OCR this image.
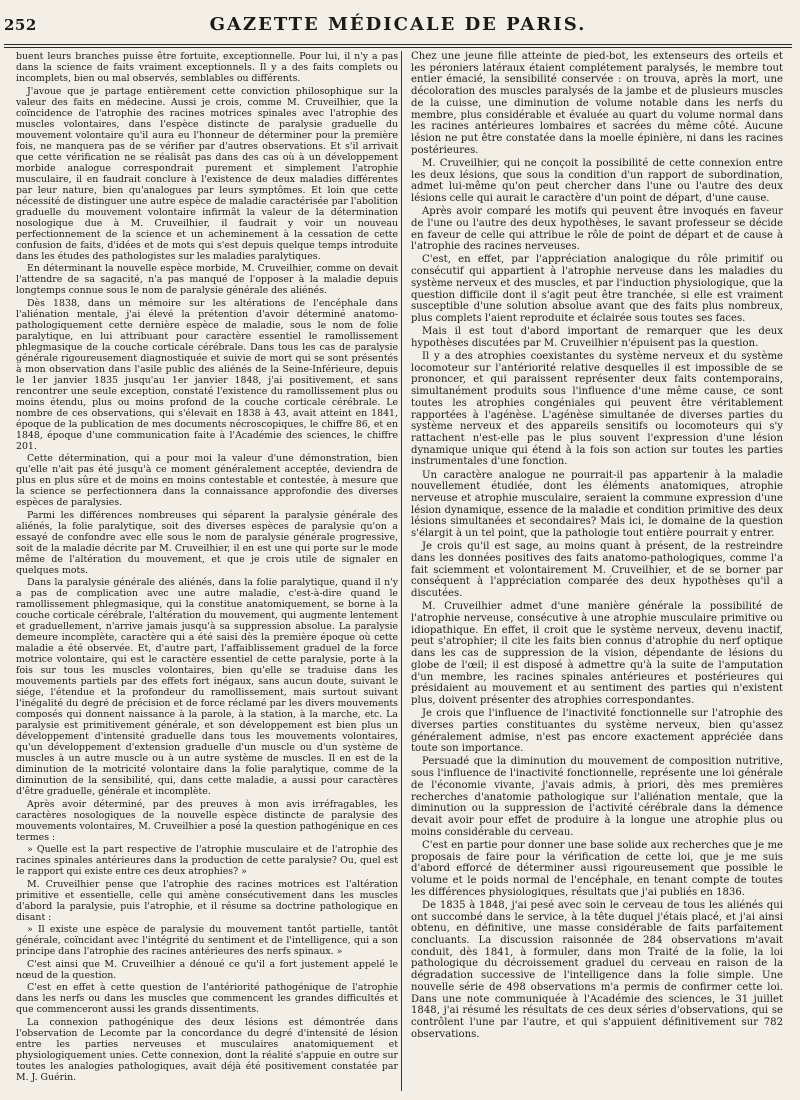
252	GAZETTE MÉDICALE DE PARIS.

buent leurs branches puisse être fortuite, exceptionnelle. Pour lui, il n'y a pas dans la science de faits vraiment exceptionnels. Il y a des faits complets ou incomplets, bien ou mal observés, semblables ou différents.

J'avoue que je partage entièrement cette conviction philosophique sur la valeur des faits en médecine. Aussi je crois, comme M. Cruveilhier, que la coïncidence de l'atrophie des racines motrices spinales avec l'atrophie des muscles volontaires, dans l'espèce distincte de paralysie graduelle du mouvement volontaire qu'il aura eu l'honneur de déterminer pour la première fois, ne manquera pas de se vérifier par d'autres observations. Et s'il arrivait que cette vérification ne se réalisât pas dans des cas où à un développement morbide analogue correspondrait purement et simplement l'atrophie musculaire, il en faudrait conclure à l'existence de deux maladies différentes par leur nature, bien qu'analogues par leurs symptômes. Et loin que cette nécessité de distinguer une autre espèce de maladie caractérisée par l'abolition graduelle du mouvement volontaire infirmât la valeur de la détermination nosologique due à M. Cruveilhier, il faudrait y voir un nouveau perfectionnement de la science et un acheminement à la cessation de cette confusion de faits, d'idées et de mots qui s'est depuis quelque temps introduite dans les études des pathologistes sur les maladies paralytiques.

En déterminant la nouvelle espèce morbide, M. Cruveilhier, comme on devait l'attendre de sa sagacité, n'a pas manqué de l'opposer à la maladie depuis longtemps connue sous le nom de paralysie générale des aliénés.

Dès 1838, dans un mémoire sur les altérations de l'encéphale dans l'aliénation mentale, j'ai élevé la prétention d'avoir déterminé anatomo-pathologiquement cette dernière espèce de maladie, sous le nom de folie paralytique, en lui attribuant pour caractère essentiel le ramollissement phlegmasique de la couche corticale cérébrale. Dans tous les cas de paralysie générale rigoureusement diagnostiquée et suivie de mort qui se sont présentés à mon observation dans l'asile public des aliénés de la Seine-Inférieure, depuis le 1er janvier 1835 jusqu'au 1er janvier 1848, j'ai positivement, et sans rencontrer une seule exception, constaté l'existence du ramollissement plus ou moins étendu, plus ou moins profond de la couche corticale cérébrale. Le nombre de ces observations, qui s'élevait en 1838 à 43, avait atteint en 1841, époque de la publication de mes documents nécroscopiques, le chiffre 86, et en 1848, époque d'une communication faite à l'Académie des sciences, le chiffre 201.

Cette détermination, qui a pour moi la valeur d'une démonstration, bien qu'elle n'ait pas été jusqu'à ce moment généralement acceptée, deviendra de plus en plus sûre et de moins en moins contestable et contestée, à mesure que la science se perfectionnera dans la connaissance approfondie des diverses espèces de paralysies.

Parmi les différences nombreuses qui séparent la paralysie générale des aliénés, la folie paralytique, soit des diverses espèces de paralysie qu'on a essayé de confondre avec elle sous le nom de paralysie générale progressive, soit de la maladie décrite par M. Cruveilhier, il en est une qui porte sur le mode même de l'altération du mouvement, et que je crois utile de signaler en quelques mots.

Dans la paralysie générale des aliénés, dans la folie paralytique, quand il n'y a pas de complication avec une autre maladie, c'est-à-dire quand le ramollissement phlegmasique, qui la constitue anatomiquement, se borne à la couche corticale cérébrale, l'altération du mouvement, qui augmente lentement et graduellement, n'arrive jamais jusqu'à sa suppression absolue. La paralysie demeure incomplète, caractère qui a été saisi dès la première époque où cette maladie a été observée. Et, d'autre part, l'affaiblissement graduel de la force motrice volontaire, qui est le caractère essentiel de cette paralysie, porte à la fois sur tous les muscles volontaires, bien qu'elle se traduise dans les mouvements partiels par des effets fort inégaux, sans aucun doute, suivant le siége, l'étendue et la profondeur du ramollissement, mais surtout suivant l'inégalité du degré de précision et de force réclamé par les divers mouvements composés qui donnent naissance à la parole, à la station, à la marche, etc. La paralysie est primitivement générale, et son développement est bien plus un développement d'intensité graduelle dans tous les mouvements volontaires, qu'un développement d'extension graduelle d'un muscle ou d'un système de muscles à un autre muscle ou à un autre système de muscles. Il en est de la diminution de la motricité volontaire dans la folie paralytique, comme de la diminution de la sensibilité, qui, dans cette maladie, a aussi pour caractères d'être graduelle, générale et incomplète.

Après avoir déterminé, par des preuves à mon avis irréfragables, les caractères nosologiques de la nouvelle espèce distincte de paralysie des mouvements volontaires, M. Cruveilhier a posé la question pathogénique en ces termes :

» Quelle est la part respective de l'atrophie musculaire et de l'atrophie des racines spinales antérieures dans la production de cette paralysie? Ou, quel est le rapport qui existe entre ces deux atrophies? »

M. Cruveilhier pense que l'atrophie des racines motrices est l'altération primitive et essentielle, celle qui amène consécutivement dans les muscles d'abord la paralysie, puis l'atrophie, et il résume sa doctrine pathologique en disant :

» Il existe une espèce de paralysie du mouvement tantôt partielle, tantôt générale, coïncidant avec l'intégrité du sentiment et de l'intelligence, qui a son principe dans l'atrophie des racines antérieures des nerfs spinaux. »

C'est ainsi que M. Cruveilhier a dénoué ce qu'il a fort justement appelé le nœud de la question.

C'est en effet à cette question de l'antériorité pathogénique de l'atrophie dans les nerfs ou dans les muscles que commencent les grandes difficultés et que commenceront aussi les grands dissentiments.

La connexion pathogénique des deux lésions est démontrée dans l'observation de Lecomte par la concordance du degré d'intensité de lésion entre les parties nerveuses et musculaires anatomiquement et physiologiquement unies. Cette connexion, dont la réalité s'appuie en outre sur toutes les analogies pathologiques, avait déjà été positivement constatée par M. J. Guérin.

Chez une jeune fille atteinte de pied-bot, les extenseurs des orteils et les péroniers latéraux étaient complétement paralysés, le membre tout entier émacié, la sensibilité conservée : on trouva, après la mort, une décoloration des muscles paralysés de la jambe et de plusieurs muscles de la cuisse, une diminution de volume notable dans les nerfs du membre, plus considérable et évaluée au quart du volume normal dans les racines antérieures lombaires et sacrées du même côté. Aucune lésion ne put être constatée dans la moelle épinière, ni dans les racines postérieures.

M. Cruveilhier, qui ne conçoit la possibilité de cette connexion entre les deux lésions, que sous la condition d'un rapport de subordination, admet lui-même qu'on peut chercher dans l'une ou l'autre des deux lésions celle qui aurait le caractère d'un point de départ, d'une cause.

Après avoir comparé les motifs qui peuvent être invoqués en faveur de l'une ou l'autre des deux hypothèses, le savant professeur se décide en faveur de celle qui attribue le rôle de point de départ et de cause à l'atrophie des racines nerveuses.

C'est, en effet, par l'appréciation analogique du rôle primitif ou consécutif qui appartient à l'atrophie nerveuse dans les maladies du système nerveux et des muscles, et par l'induction physiologique, que la question difficile dont il s'agit peut être tranchée, si elle est vraiment susceptible d'une solution absolue avant que des faits plus nombreux, plus complets l'aient reproduite et éclairée sous toutes ses faces.

Mais il est tout d'abord important de remarquer que les deux hypothèses discutées par M. Cruveilhier n'épuisent pas la question.

Il y a des atrophies coexistantes du système nerveux et du système locomoteur sur l'antériorité relative desquelles il est impossible de se prononcer, et qui paraissent représenter deux faits contemporains, simultanément produits sous l'influence d'une même cause, ce sont toutes les atrophies congéniales qui peuvent être véritablement rapportées à l'agénèse. L'agénèse simultanée de diverses parties du système nerveux et des appareils sensitifs ou locomoteurs qui s'y rattachent n'est-elle pas le plus souvent l'expression d'une lésion dynamique unique qui étend à la fois son action sur toutes les parties instrumentales d'une fonction.

Un caractère analogue ne pourrait-il pas appartenir à la maladie nouvellement étudiée, dont les éléments anatomiques, atrophie nerveuse et atrophie musculaire, seraient la commune expression d'une lésion dynamique, essence de la maladie et condition primitive des deux lésions simultanées et secondaires? Mais ici, le domaine de la question s'élargit à un tel point, que la pathologie tout entière pourrait y entrer.

Je crois qu'il est sage, au moins quant à présent, de la restreindre dans les données positives des faits anatomo-pathologiques, comme l'a fait sciemment et volontairement M. Cruveilhier, et de se borner par conséquent à l'appréciation comparée des deux hypothèses qu'il a discutées.

M. Cruveilhier admet d'une manière générale la possibilité de l'atrophie nerveuse, consécutive à une atrophie musculaire primitive ou idiopathique. En effet, il croit que le système nerveux, devenu inactif, peut s'atrophier; il cite les faits bien connus d'atrophie du nerf optique dans les cas de suppression de la vision, dépendante de lésions du globe de l'œil; il est disposé à admettre qu'à la suite de l'amputation d'un membre, les racines spinales antérieures et postérieures qui présidaient au mouvement et au sentiment des parties qui n'existent plus, doivent présenter des atrophies correspondantes.

Je crois que l'influence de l'inactivité fonctionnelle sur l'atrophie des diverses parties constituantes du système nerveux, bien qu'assez généralement admise, n'est pas encore exactement appréciée dans toute son importance.

Persuadé que la diminution du mouvement de composition nutritive, sous l'influence de l'inactivité fonctionnelle, représente une loi générale de l'économie vivante, j'avais admis, à priori, dès mes premières recherches d'anatomie pathologique sur l'aliénation mentale, que la diminution ou la suppression de l'activité cérébrale dans la démence devait avoir pour effet de produire à la longue une atrophie plus ou moins considérable du cerveau.

C'est en partie pour donner une base solide aux recherches que je me proposais de faire pour la vérification de cette loi, que je me suis d'abord efforcé de déterminer aussi rigoureusement que possible le volume et le poids normal de l'encéphale, en tenant compte de toutes les différences physiologiques, résultats que j'ai publiés en 1836.

De 1835 à 1848, j'ai pesé avec soin le cerveau de tous les aliénés qui ont succombé dans le service, à la tête duquel j'étais placé, et j'ai ainsi obtenu, en définitive, une masse considérable de faits parfaitement concluants. La discussion raisonnée de 284 observations m'avait conduit, dès 1841, à formuler, dans mon Traité de la folie, la loi pathologique du décroissement graduel du cerveau en raison de la dégradation successive de l'intelligence dans la folie simple. Une nouvelle série de 498 observations m'a permis de confirmer cette loi. Dans une note communiquée à l'Académie des sciences, le 31 juillet 1848, j'ai résumé les résultats de ces deux séries d'observations, qui se contrôlent l'une par l'autre, et qui s'appuient définitivement sur 782 observations.
